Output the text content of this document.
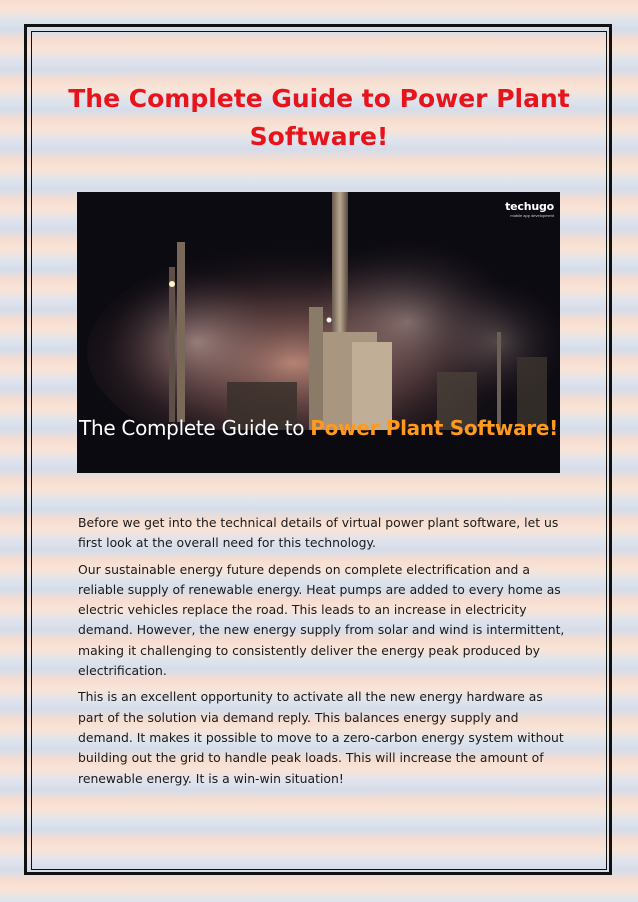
The Complete Guide to Power Plant Software!
techugo
mobile app development
The Complete Guide to Power Plant Software!

Before we get into the technical details of virtual power plant software, let us first look at the overall need for this technology.

Our sustainable energy future depends on complete electrification and a reliable supply of renewable energy. Heat pumps are added to every home as electric vehicles replace the road. This leads to an increase in electricity demand. However, the new energy supply from solar and wind is intermittent, making it challenging to consistently deliver the energy peak produced by electrification.

This is an excellent opportunity to activate all the new energy hardware as part of the solution via demand reply. This balances energy supply and demand. It makes it possible to move to a zero-carbon energy system without building out the grid to handle peak loads. This will increase the amount of renewable energy. It is a win-win situation!
